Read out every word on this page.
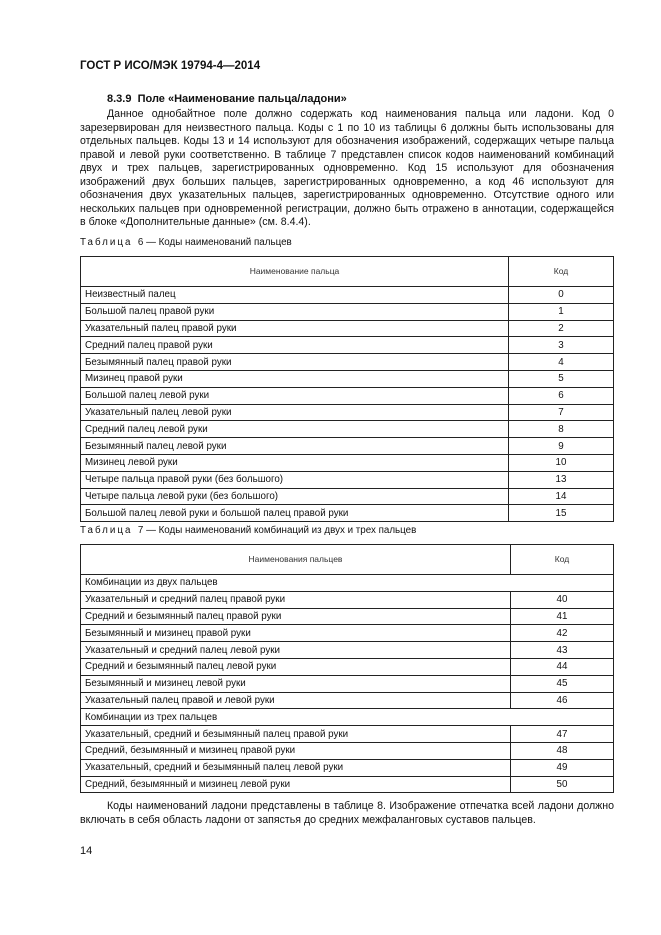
ГОСТ Р ИСО/МЭК 19794-4—2014
8.3.9 Поле «Наименование пальца/ладони»

Данное однобайтное поле должно содержать код наименования пальца или ладони. Код 0 зарезервирован для неизвестного пальца. Коды с 1 по 10 из таблицы 6 должны быть использованы для отдельных пальцев. Коды 13 и 14 используют для обозначения изображений, содержащих четыре пальца правой и левой руки соответственно. В таблице 7 представлен список кодов наименований комбинаций двух и трех пальцев, зарегистрированных одновременно. Код 15 используют для обозначения изображений двух больших пальцев, зарегистрированных одновременно, а код 46 используют для обозначения двух указательных пальцев, зарегистрированных одновременно. Отсутствие одного или нескольких пальцев при одновременной регистрации, должно быть отражено в аннотации, содержащейся в блоке «Дополнительные данные» (см. 8.4.4).

Таблица 6 — Коды наименований пальцев
Наименование пальца	Код
Неизвестный палец	0
Большой палец правой руки	1
Указательный палец правой руки	2
Средний палец правой руки	3
Безымянный палец правой руки	4
Мизинец правой руки	5
Большой палец левой руки	6
Указательный палец левой руки	7
Средний палец левой руки	8
Безымянный палец левой руки	9
Мизинец левой руки	10
Четыре пальца правой руки (без большого)	13
Четыре пальца левой руки (без большого)	14
Большой палец левой руки и большой палец правой руки	15
Таблица 7 — Коды наименований комбинаций из двух и трех пальцев
Наименования пальцев	Код
Комбинации из двух пальцев	
Указательный и средний палец правой руки	40
Средний и безымянный палец правой руки	41
Безымянный и мизинец правой руки	42
Указательный и средний палец левой руки	43
Средний и безымянный палец левой руки	44
Безымянный и мизинец левой руки	45
Указательный палец правой и левой руки	46
Комбинации из трех пальцев	
Указательный, средний и безымянный палец правой руки	47
Средний, безымянный и мизинец правой руки	48
Указательный, средний и безымянный палец левой руки	49
Средний, безымянный и мизинец левой руки	50

Коды наименований ладони представлены в таблице 8. Изображение отпечатка всей ладони должно включать в себя область ладони от запястья до средних межфаланговых суставов пальцев.

14
